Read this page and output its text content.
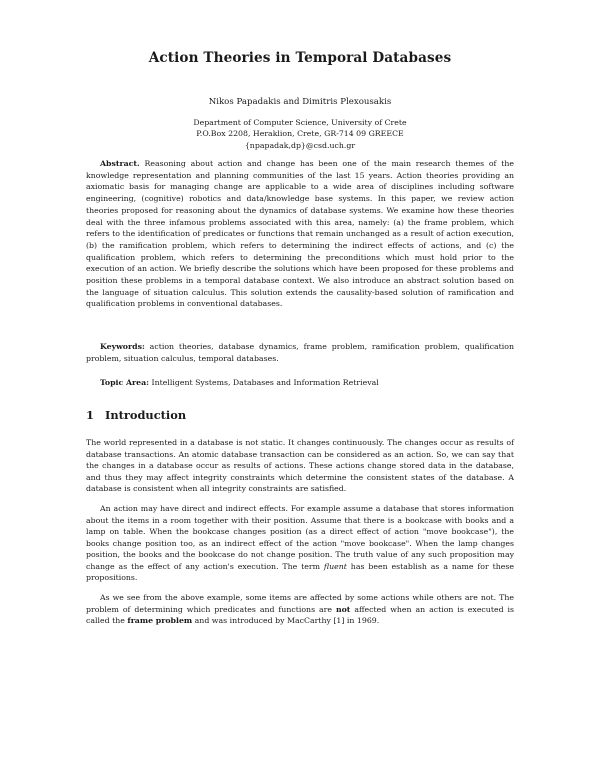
Action Theories in Temporal Databases
Nikos Papadakis and Dimitris Plexousakis
Department of Computer Science, University of Crete
P.O.Box 2208, Heraklion, Crete, GR-714 09 GREECE
{npapadak,dp}@csd.uch.gr

Abstract. Reasoning about action and change has been one of the main research themes of the knowledge representation and planning communities of the last 15 years. Action theories providing an axiomatic basis for managing change are applicable to a wide area of disciplines including software engineering, (cognitive) robotics and data/knowledge base systems. In this paper, we review action theories proposed for reasoning about the dynamics of database systems. We examine how these theories deal with the three infamous problems associated with this area, namely: (a) the frame problem, which refers to the identification of predicates or functions that remain unchanged as a result of action execution, (b) the ramification problem, which refers to determining the indirect effects of actions, and (c) the qualification problem, which refers to determining the preconditions which must hold prior to the execution of an action. We briefly describe the solutions which have been proposed for these problems and position these problems in a temporal database context. We also introduce an abstract solution based on the language of situation calculus. This solution extends the causality-based solution of ramification and qualification problems in conventional databases.

Keywords: action theories, database dynamics, frame problem, ramification problem, qualification problem, situation calculus, temporal databases.

Topic Area: Intelligent Systems, Databases and Information Retrieval

1 Introduction

The world represented in a database is not static. It changes continuously. The changes occur as results of database transactions. An atomic database transaction can be considered as an action. So, we can say that the changes in a database occur as results of actions. These actions change stored data in the database, and thus they may affect integrity constraints which determine the consistent states of the database. A database is consistent when all integrity constraints are satisfied.

An action may have direct and indirect effects. For example assume a database that stores information about the items in a room together with their position. Assume that there is a bookcase with books and a lamp on table. When the bookcase changes position (as a direct effect of action "move bookcase"), the books change position too, as an indirect effect of the action "move bookcase". When the lamp changes position, the books and the bookcase do not change position. The truth value of any such proposition may change as the effect of any action's execution. The term fluent has been establish as a name for these propositions.

As we see from the above example, some items are affected by some actions while others are not. The problem of determining which predicates and functions are not affected when an action is executed is called the frame problem and was introduced by MacCarthy [1] in 1969.
